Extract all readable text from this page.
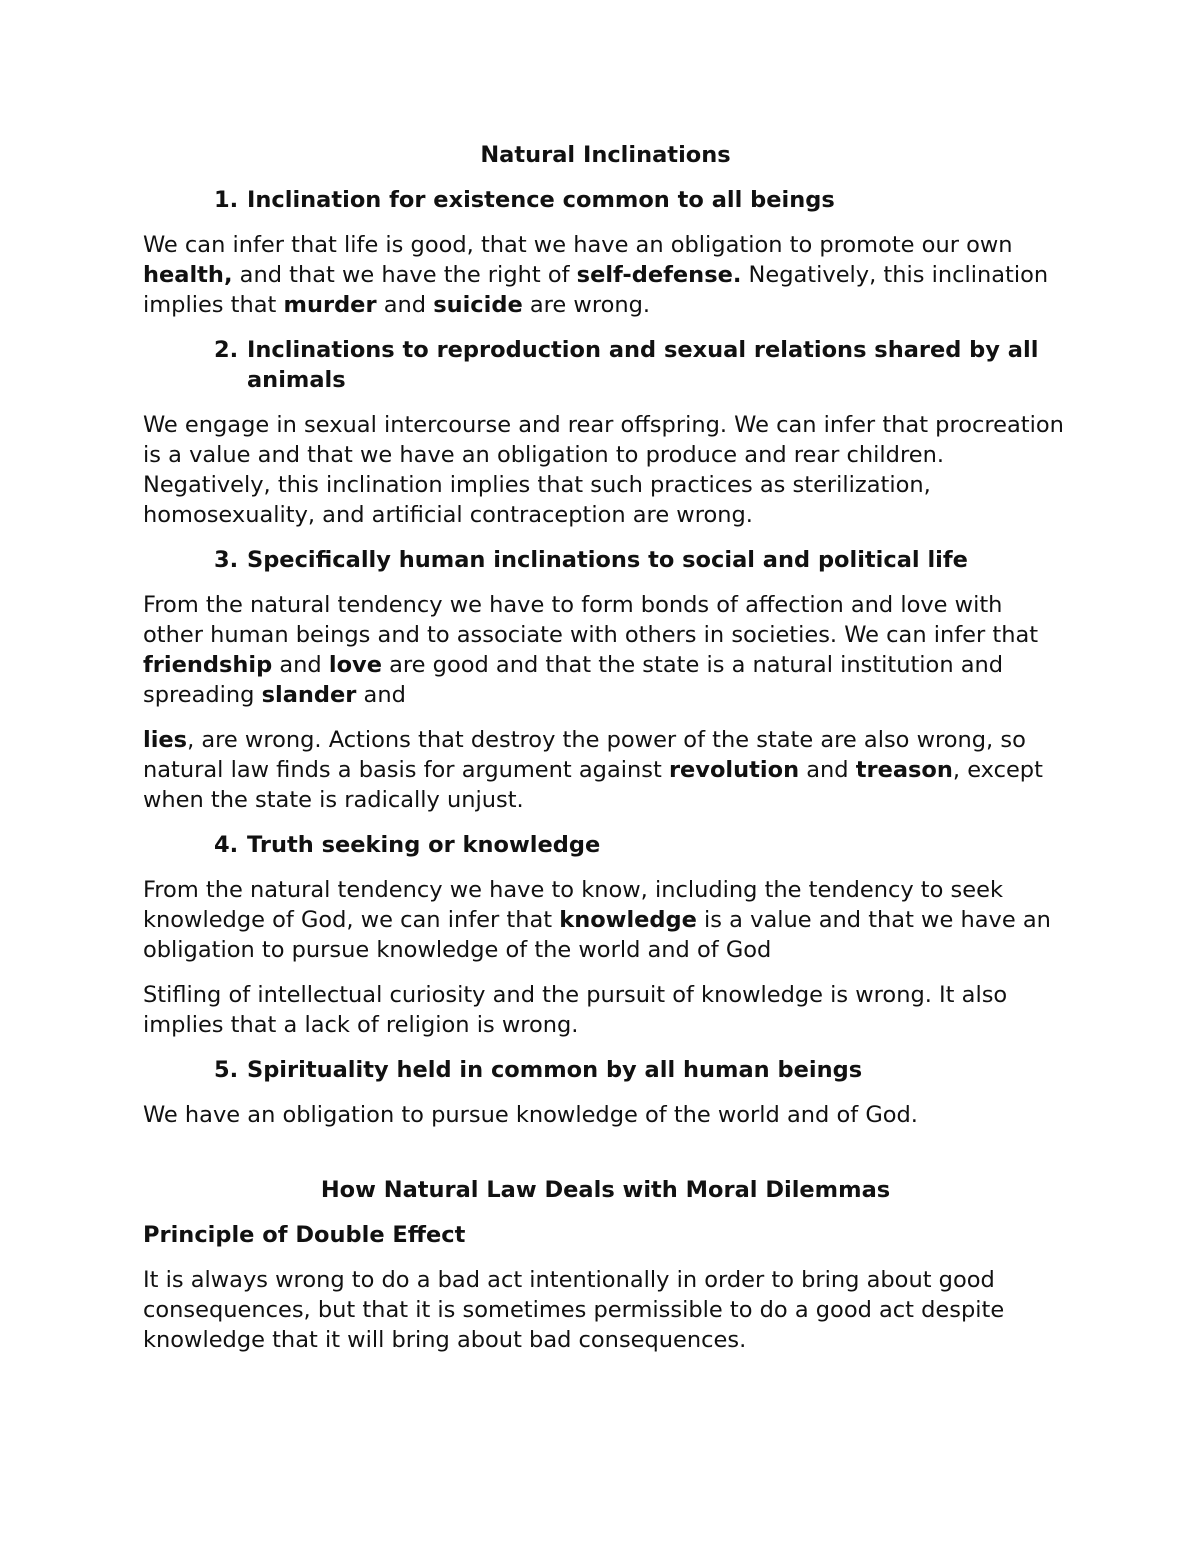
Natural Inclinations
1. Inclination for existence common to all beings

We can infer that life is good, that we have an obligation to promote our own health, and that we have the right of self-defense. Negatively, this inclination implies that murder and suicide are wrong.

2. Inclinations to reproduction and sexual relations shared by all animals

We engage in sexual intercourse and rear offspring. We can infer that procreation is a value and that we have an obligation to produce and rear children. Negatively, this inclination implies that such practices as sterilization, homosexuality, and artificial contraception are wrong.

3. Specifically human inclinations to social and political life

From the natural tendency we have to form bonds of affection and love with other human beings and to associate with others in societies. We can infer that friendship and love are good and that the state is a natural institution and spreading slander and

lies, are wrong. Actions that destroy the power of the state are also wrong, so natural law finds a basis for argument against revolution and treason, except when the state is radically unjust.

4. Truth seeking or knowledge

From the natural tendency we have to know, including the tendency to seek knowledge of God, we can infer that knowledge is a value and that we have an obligation to pursue knowledge of the world and of God

Stifling of intellectual curiosity and the pursuit of knowledge is wrong. It also implies that a lack of religion is wrong.

5. Spirituality held in common by all human beings

We have an obligation to pursue knowledge of the world and of God.

How Natural Law Deals with Moral Dilemmas
Principle of Double Effect

It is always wrong to do a bad act intentionally in order to bring about good consequences, but that it is sometimes permissible to do a good act despite knowledge that it will bring about bad consequences.
